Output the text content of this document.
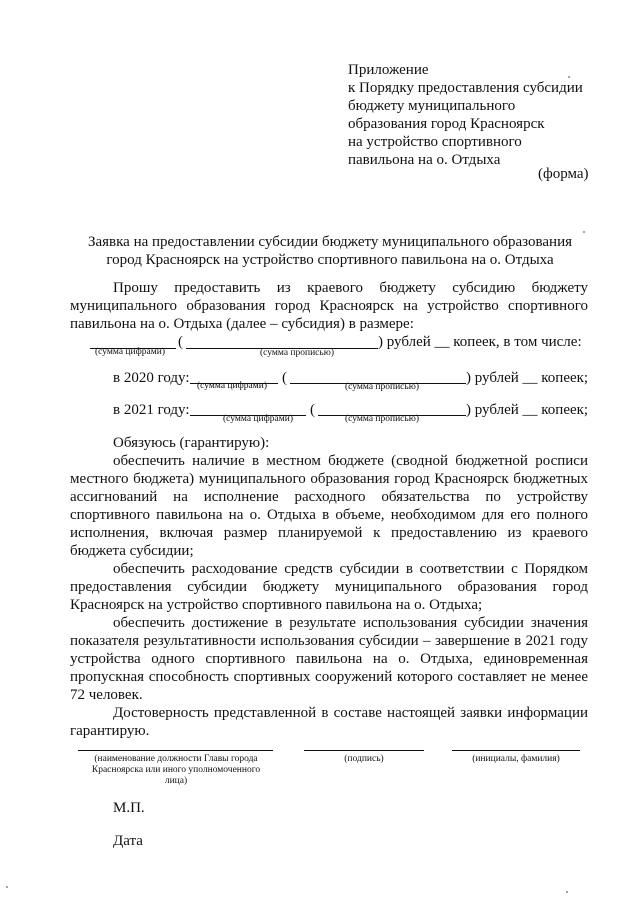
Приложение
к Порядку предоставления субсидии
бюджету муниципального
образования город Красноярск
на устройство спортивного
павильона на о. Отдыха
(форма)
Заявка на предоставлении субсидии бюджету муниципального образования
город Красноярск на устройство спортивного павильона на о. Отдыха
Прошу предоставить из краевого бюджету субсидию бюджету
муниципального образования город Красноярск на устройство спортивного
павильона на о. Отдыха (далее – субсидия) в размере:
(	) рублей __ копеек, в том числе:
(сумма цифрами)	(сумма прописью)
в 2020 году:	(	) рублей __ копеек;
(сумма цифрами)	(сумма прописью)
в 2021 году:	(	) рублей __ копеек;
(сумма цифрами)	(сумма прописью)
Обязуюсь (гарантирую):
обеспечить наличие в местном бюджете (сводной бюджетной росписи
местного бюджета) муниципального образования город Красноярск бюджетных
ассигнований на исполнение расходного обязательства по устройству
спортивного павильона на о. Отдыха в объеме, необходимом для его полного
исполнения, включая размер планируемой к предоставлению из краевого
бюджета субсидии;
обеспечить расходование средств субсидии в соответствии с Порядком
предоставления субсидии бюджету муниципального образования город
Красноярск на устройство спортивного павильона на о. Отдыха;
обеспечить достижение в результате использования субсидии значения
показателя результативности использования субсидии – завершение в 2021 году
устройства одного спортивного павильона на о. Отдыха, единовременная
пропускная способность спортивных сооружений которого составляет не менее
72 человек.
Достоверность представленной в составе настоящей заявки информации
гарантирую.
(наименование должности Главы города Красноярска или иного уполномоченного лица)
(подпись)	(инициалы, фамилия)
М.П.
Дата
